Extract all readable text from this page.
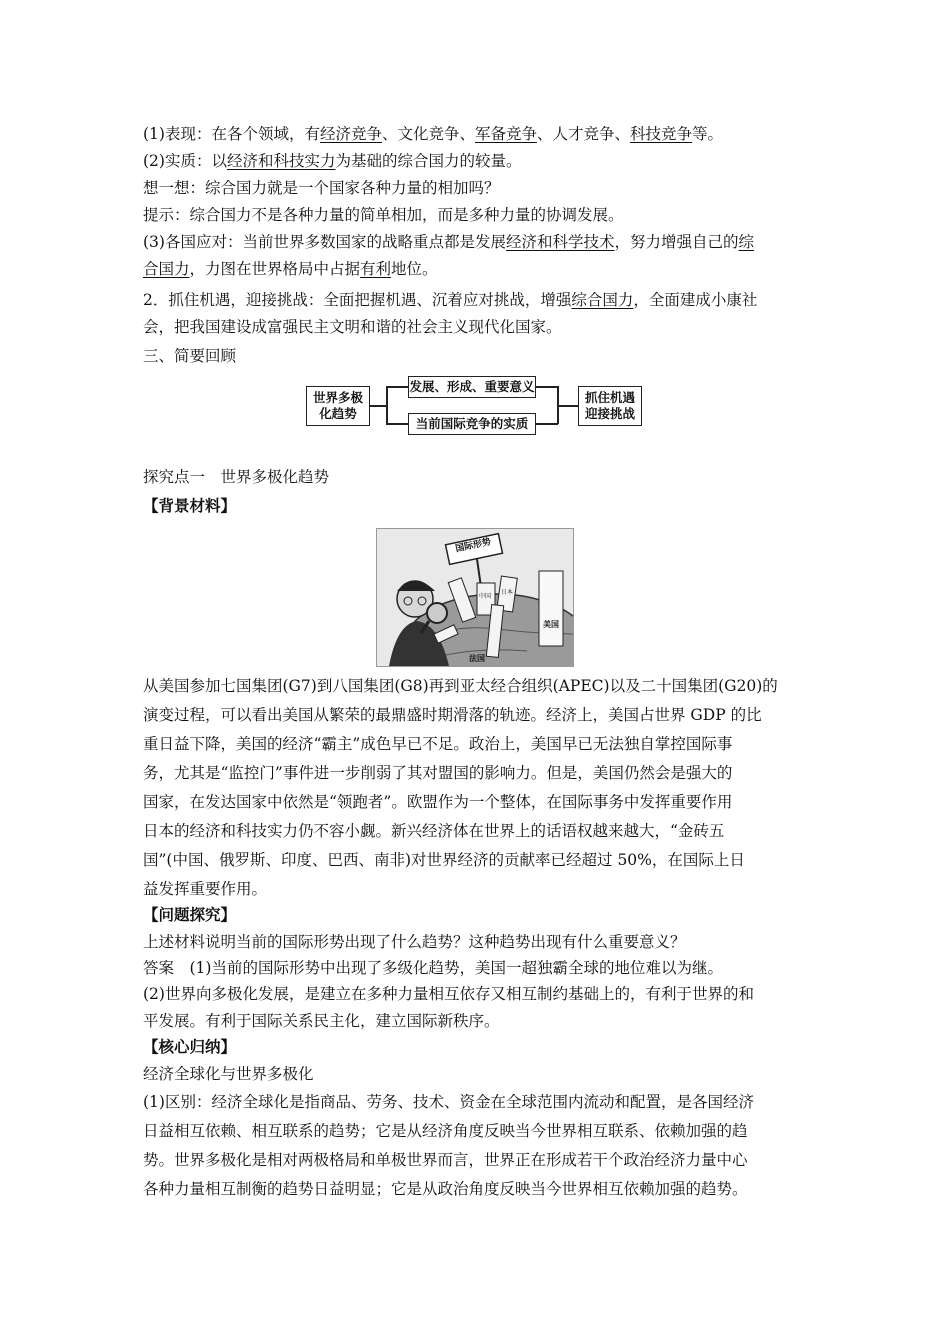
(1)表现：在各个领域，有经济竞争、文化竞争、军备竞争、人才竞争、科技竞争等。
(2)实质：以经济和科技实力为基础的综合国力的较量。
想一想：综合国力就是一个国家各种力量的相加吗？
提示：综合国力不是各种力量的简单相加，而是多种力量的协调发展。
(3)各国应对：当前世界多数国家的战略重点都是发展经济和科学技术，努力增强自己的综
合国力，力图在世界格局中占据有利地位。
2．抓住机遇，迎接挑战：全面把握机遇、沉着应对挑战，增强综合国力，全面建成小康社
会，把我国建设成富强民主文明和谐的社会主义现代化国家。
三、简要回顾
世界多极
化趋势
发展、形成、重要意义
当前国际竞争的实质
抓住机遇
迎接挑战
探究点一　世界多极化趋势
【背景材料】
国际形势
美国
法国
中国
日本
从美国参加七国集团(G7)到八国集团(G8)再到亚太经合组织(APEC)以及二十国集团(G20)的
演变过程，可以看出美国从繁荣的最鼎盛时期滑落的轨迹。经济上，美国占世界 GDP 的比
重日益下降，美国的经济“霸主”成色早已不足。政治上，美国早已无法独自掌控国际事
务，尤其是“监控门”事件进一步削弱了其对盟国的影响力。但是，美国仍然会是强大的
国家，在发达国家中依然是“领跑者”。欧盟作为一个整体，在国际事务中发挥重要作用
日本的经济和科技实力仍不容小觑。新兴经济体在世界上的话语权越来越大，“金砖五
国”(中国、俄罗斯、印度、巴西、南非)对世界经济的贡献率已经超过 50%，在国际上日
益发挥重要作用。
【问题探究】
上述材料说明当前的国际形势出现了什么趋势？这种趋势出现有什么重要意义？
答案　(1)当前的国际形势中出现了多级化趋势，美国一超独霸全球的地位难以为继。
(2)世界向多极化发展，是建立在多种力量相互依存又相互制约基础上的，有利于世界的和
平发展。有利于国际关系民主化，建立国际新秩序。
【核心归纳】
经济全球化与世界多极化
(1)区别：经济全球化是指商品、劳务、技术、资金在全球范围内流动和配置，是各国经济
日益相互依赖、相互联系的趋势；它是从经济角度反映当今世界相互联系、依赖加强的趋
势。世界多极化是相对两极格局和单极世界而言，世界正在形成若干个政治经济力量中心
各种力量相互制衡的趋势日益明显；它是从政治角度反映当今世界相互依赖加强的趋势。
